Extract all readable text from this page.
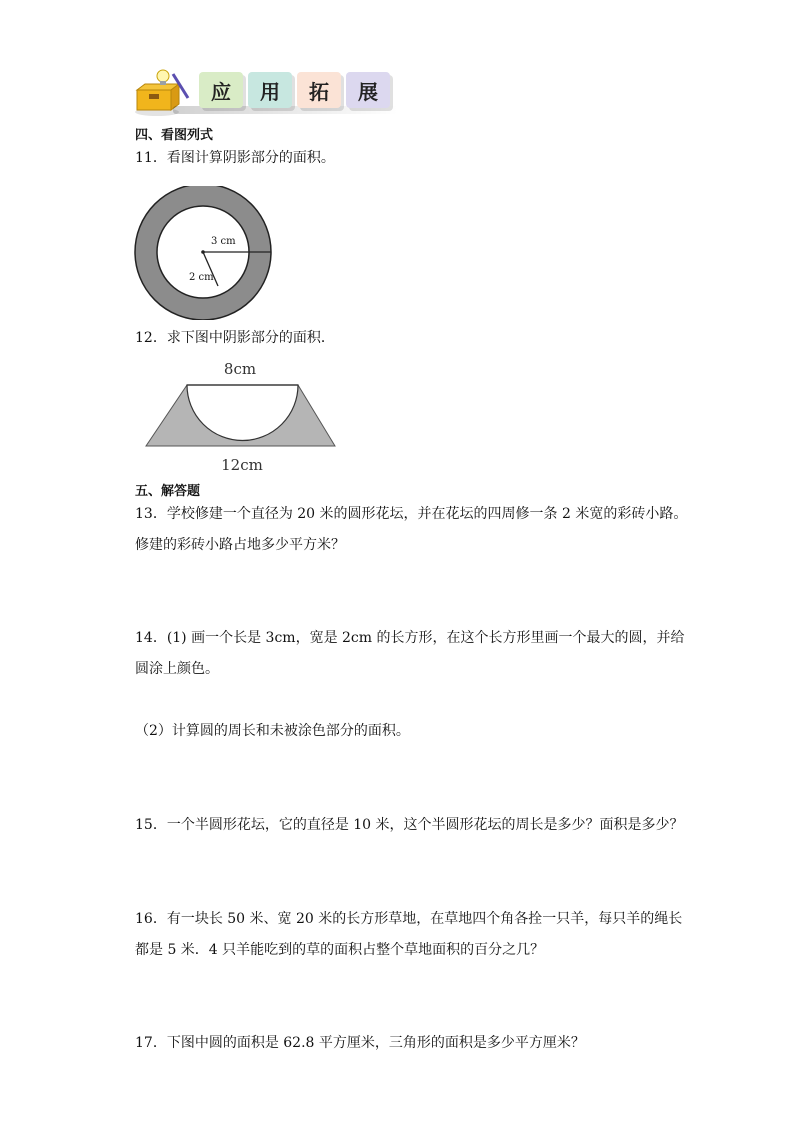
应	用	拓	展
四、看图列式
11．看图计算阴影部分的面积。
3 cm
2 cm
12．求下图中阴影部分的面积．
8cm
12cm
五、解答题
13．学校修建一个直径为 20 米的圆形花坛，并在花坛的四周修一条 2 米宽的彩砖小路。
修建的彩砖小路占地多少平方米？
14．(1) 画一个长是 3cm，宽是 2cm 的长方形，在这个长方形里画一个最大的圆，并给
圆涂上颜色。
（2）计算圆的周长和未被涂色部分的面积。
15．一个半圆形花坛，它的直径是 10 米，这个半圆形花坛的周长是多少？面积是多少？
16．有一块长 50 米、宽 20 米的长方形草地，在草地四个角各拴一只羊，每只羊的绳长
都是 5 米．4 只羊能吃到的草的面积占整个草地面积的百分之几？
17．下图中圆的面积是 62.8 平方厘米，三角形的面积是多少平方厘米？
